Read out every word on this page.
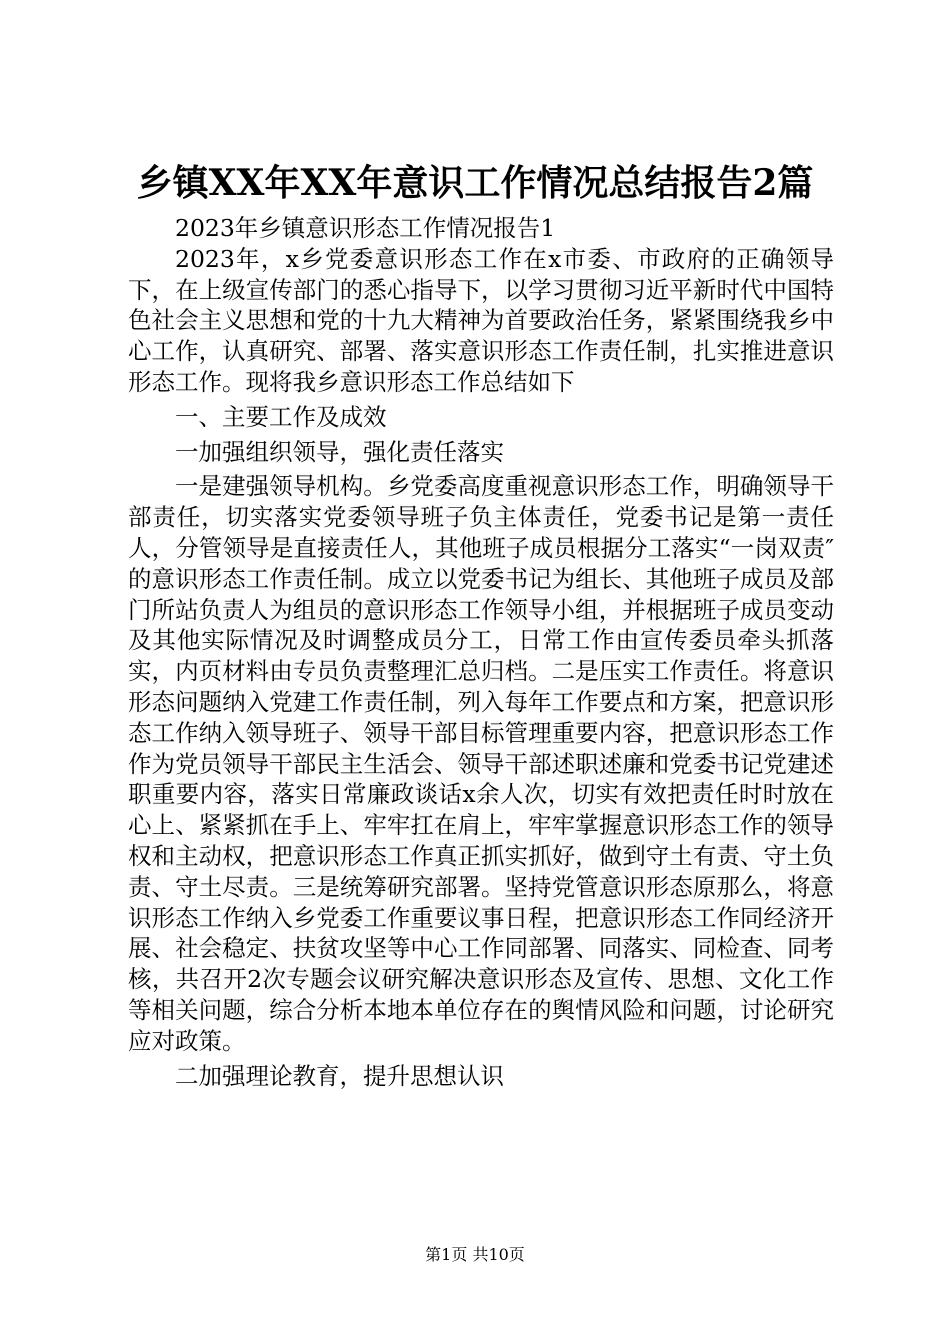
乡镇XX年XX年意识工作情况总结报告2篇

2023年乡镇意识形态工作情况报告1

2023年，x乡党委意识形态工作在x市委、市政府的正确领导下，在上级宣传部门的悉心指导下，以学习贯彻习近平新时代中国特色社会主义思想和党的十九大精神为首要政治任务，紧紧围绕我乡中心工作，认真研究、部署、落实意识形态工作责任制，扎实推进意识形态工作。现将我乡意识形态工作总结如下

一、主要工作及成效

一加强组织领导，强化责任落实

一是建强领导机构。乡党委高度重视意识形态工作，明确领导干部责任，切实落实党委领导班子负主体责任，党委书记是第一责任人，分管领导是直接责任人，其他班子成员根据分工落实“一岗双责″的意识形态工作责任制。成立以党委书记为组长、其他班子成员及部门所站负责人为组员的意识形态工作领导小组，并根据班子成员变动及其他实际情况及时调整成员分工，日常工作由宣传委员牵头抓落实，内页材料由专员负责整理汇总归档。二是压实工作责任。将意识形态问题纳入党建工作责任制，列入每年工作要点和方案，把意识形态工作纳入领导班子、领导干部目标管理重要内容，把意识形态工作作为党员领导干部民主生活会、领导干部述职述廉和党委书记党建述职重要内容，落实日常廉政谈话x余人次，切实有效把责任时时放在心上、紧紧抓在手上、牢牢扛在肩上，牢牢掌握意识形态工作的领导权和主动权，把意识形态工作真正抓实抓好，做到守土有责、守土负责、守土尽责。三是统筹研究部署。坚持党管意识形态原那么，将意识形态工作纳入乡党委工作重要议事日程，把意识形态工作同经济开展、社会稳定、扶贫攻坚等中心工作同部署、同落实、同检查、同考核，共召开2次专题会议研究解决意识形态及宣传、思想、文化工作等相关问题，综合分析本地本单位存在的舆情风险和问题，讨论研究应对政策。

二加强理论教育，提升思想认识

第1页 共10页
